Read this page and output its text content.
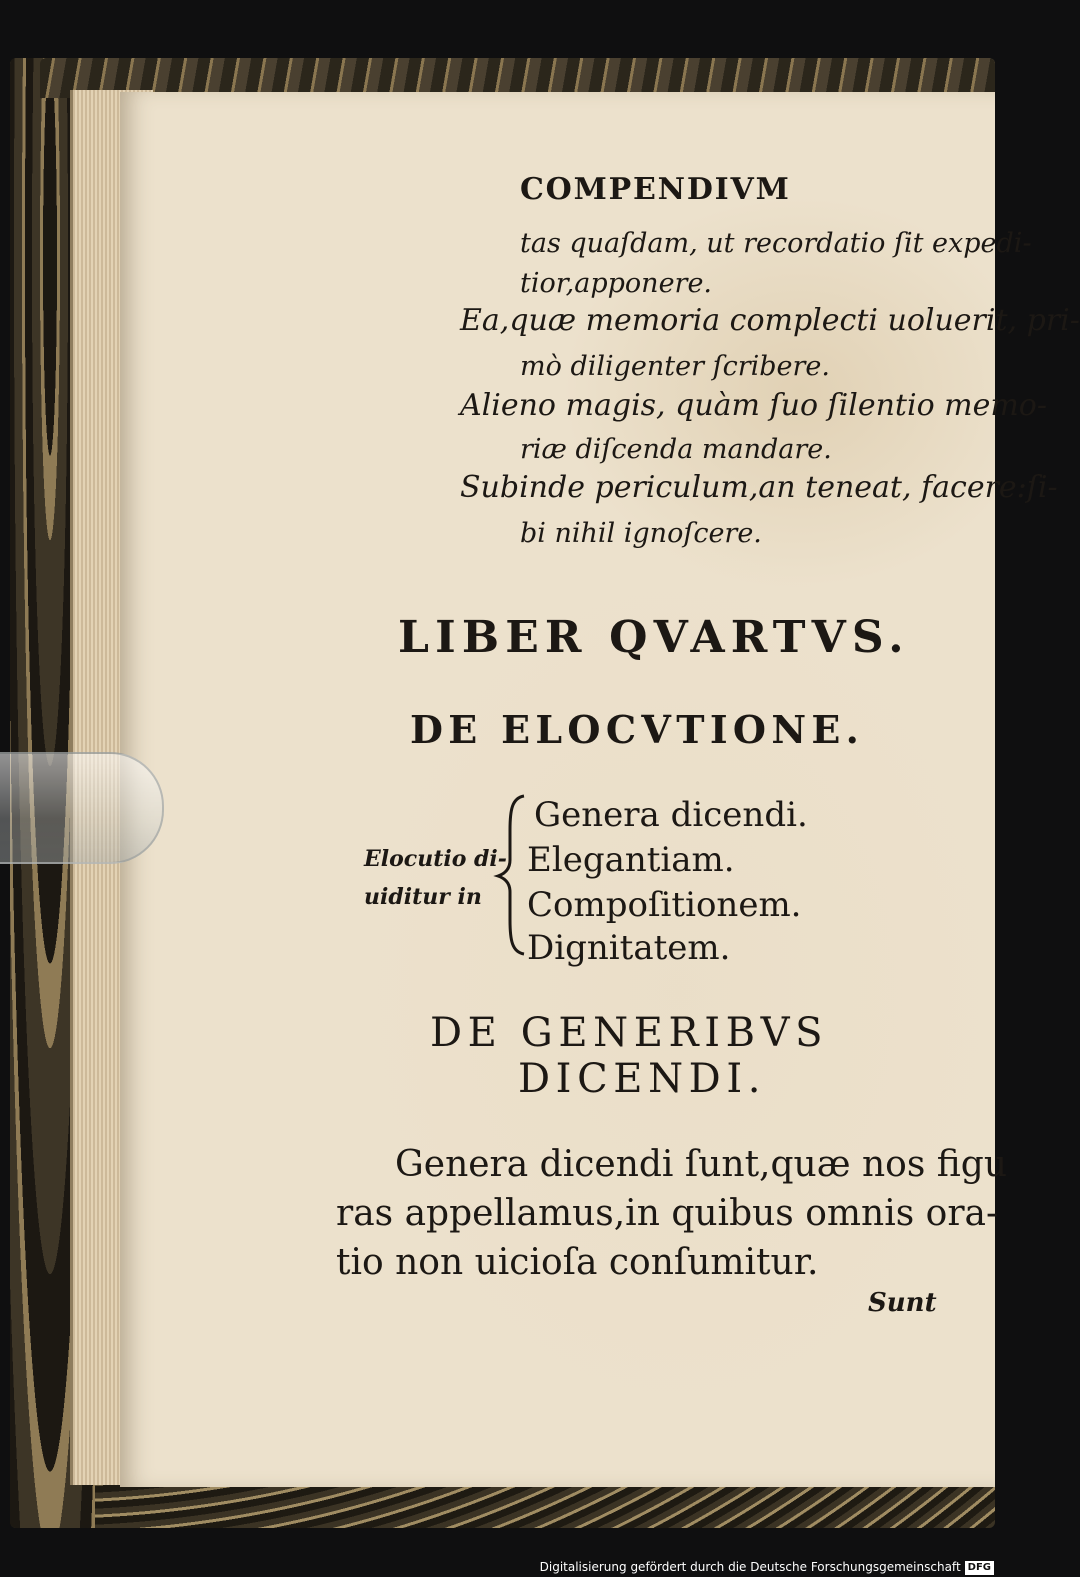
COMPENDIVM
tas quaſdam, ut recordatio ſit expedi-
tior,apponere.
Ea,quæ memoria complecti uoluerit, pri-
mò diligenter ſcribere.
Alieno magis, quàm ſuo ſilentio memo-
riæ diſcenda mandare.
Subinde periculum,an teneat, facere:ſi-
bi nihil ignoſcere.
LIBER QVARTVS.
DE ELOCVTIONE.
Elocutio di-
uiditur in
Genera dicendi.
Elegantiam.
Compoſitionem.
Dignitatem.
DE GENERIBVS
DICENDI.
Genera dicendi ſunt,quæ nos figu
ras appellamus,in quibus omnis ora-
tio non uicioſa conſumitur.
Sunt
Digitalisierung gefördert durch die Deutsche Forschungsgemeinschaft DFG
